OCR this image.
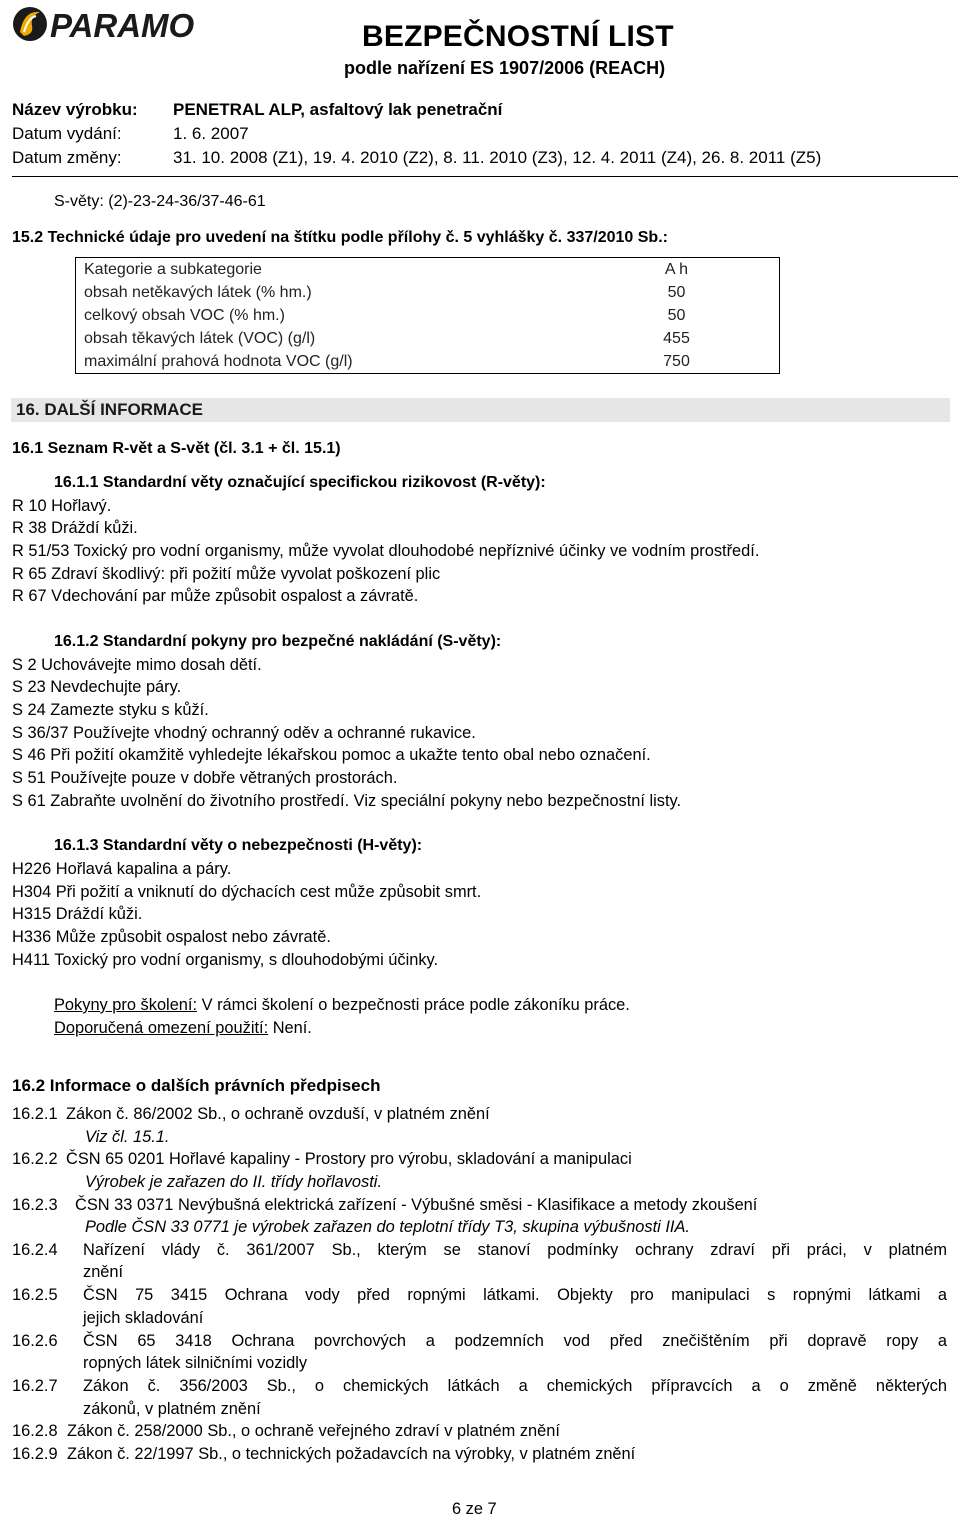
PARAMO	BEZPEČNOSTNÍ LIST
podle nařízení ES 1907/2006 (REACH)
Název výrobku: PENETRAL ALP, asfaltový lak penetrační
Datum vydání:	1. 6. 2007
Datum změny:	31. 10. 2008 (Z1), 19. 4. 2010 (Z2), 8. 11. 2010 (Z3), 12. 4. 2011 (Z4), 26. 8. 2011 (Z5)
S-věty: (2)-23-24-36/37-46-61
15.2 Technické údaje pro uvedení na štítku podle přílohy č. 5 vyhlášky č. 337/2010 Sb.:
Kategorie a subkategorie	A h
obsah netěkavých látek (% hm.)	50
celkový obsah VOC (% hm.)	50
obsah těkavých látek (VOC) (g/l)	455
maximální prahová hodnota VOC (g/l)	750
16. DALŠÍ INFORMACE
16.1 Seznam R-vět a S-vět (čl. 3.1 + čl. 15.1)
16.1.1 Standardní věty označující specifickou rizikovost (R-věty):
R 10 Hořlavý.
R 38 Dráždí kůži.
R 51/53 Toxický pro vodní organismy, může vyvolat dlouhodobé nepříznivé účinky ve vodním prostředí.
R 65 Zdraví škodlivý: při požití může vyvolat poškození plic
R 67 Vdechování par může způsobit ospalost a závratě.
16.1.2 Standardní pokyny pro bezpečné nakládání (S-věty):
S 2 Uchovávejte mimo dosah dětí.
S 23 Nevdechujte páry.
S 24 Zamezte styku s kůží.
S 36/37 Používejte vhodný ochranný oděv a ochranné rukavice.
S 46 Při požití okamžitě vyhledejte lékařskou pomoc a ukažte tento obal nebo označení.
S 51 Používejte pouze v dobře větraných prostorách.
S 61 Zabraňte uvolnění do životního prostředí. Viz speciální pokyny nebo bezpečnostní listy.
16.1.3 Standardní věty o nebezpečnosti (H-věty):
H226 Hořlavá kapalina a páry.
H304 Při požití a vniknutí do dýchacích cest může způsobit smrt.
H315 Dráždí kůži.
H336 Může způsobit ospalost nebo závratě.
H411 Toxický pro vodní organismy, s dlouhodobými účinky.
Pokyny pro školení: V rámci školení o bezpečnosti práce podle zákoníku práce.
Doporučená omezení použití: Není.
16.2 Informace o dalších právních předpisech
16.2.1 Zákon č. 86/2002 Sb., o ochraně ovzduší, v platném znění
Viz čl. 15.1.
16.2.2 ČSN 65 0201 Hořlavé kapaliny - Prostory pro výrobu, skladování a manipulaci
Výrobek je zařazen do II. třídy hořlavosti.
16.2.3 ČSN 33 0371 Nevýbušná elektrická zařízení - Výbušné směsi - Klasifikace a metody zkoušení
Podle ČSN 33 0771 je výrobek zařazen do teplotní třídy T3, skupina výbušnosti IIA.
16.2.4 Nařízení vlády č. 361/2007 Sb., kterým se stanoví podmínky ochrany zdraví při práci, v platném
znění
16.2.5 ČSN 75 3415 Ochrana vody před ropnými látkami. Objekty pro manipulaci s ropnými látkami a
jejich skladování
16.2.6 ČSN 65 3418 Ochrana povrchových a podzemních vod před znečištěním při dopravě ropy a
ropných látek silničními vozidly
16.2.7 Zákon č. 356/2003 Sb., o chemických látkách a chemických přípravcích a o změně některých
zákonů, v platném znění
16.2.8 Zákon č. 258/2000 Sb., o ochraně veřejného zdraví v platném znění
16.2.9 Zákon č. 22/1997 Sb., o technických požadavcích na výrobky, v platném znění
6 ze 7
